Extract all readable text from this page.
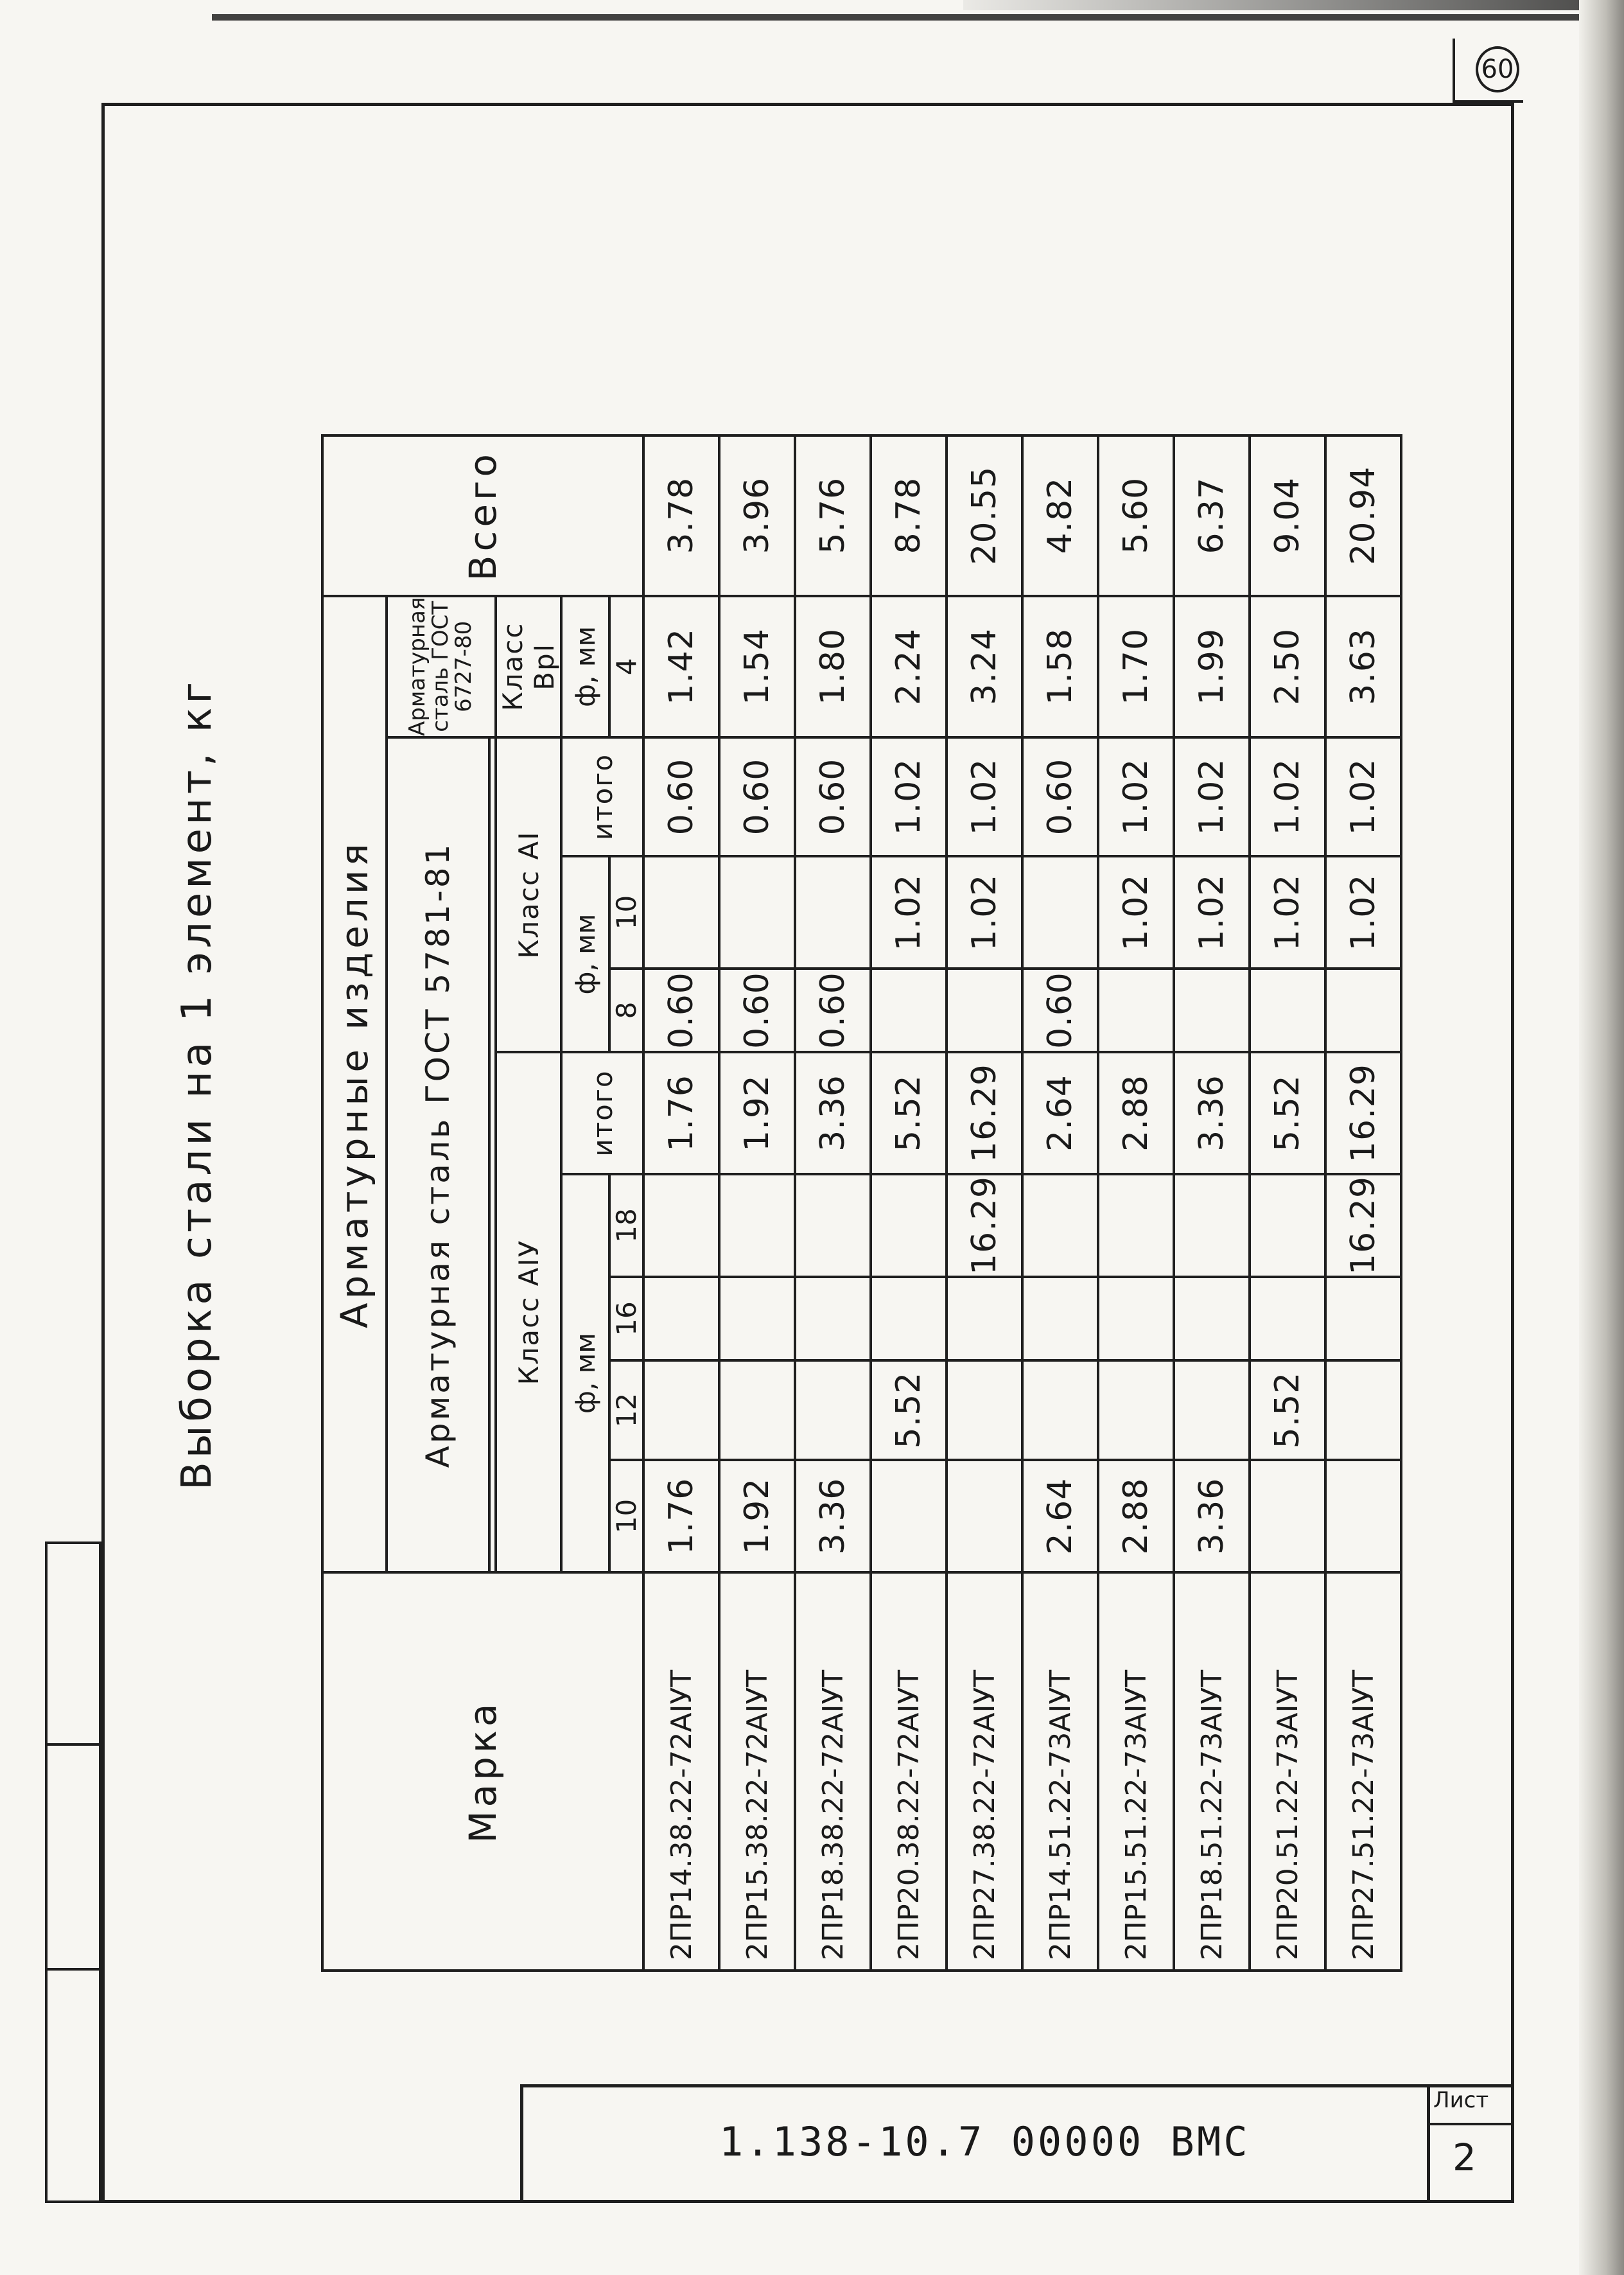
60
1.138-10.7 00000 ВМС
Лист
2
Выборка стали на 1 элемент, кг
Марка	Арматурные изделия									Всего
	Арматурная сталь ГОСТ 5781-81								Арматурная сталь ГОСТ 6727-80	

	Класс AIУ					Класс AI			Класс ВрI	
	ф, мм				итого	ф, мм		итого	ф, мм	
	10	12	16	18		8	10		4	
2ПР14.38.22-72АIУТ	1.76				1.76	0.60		0.60	1.42	3.78
2ПР15.38.22-72АIУТ	1.92				1.92	0.60		0.60	1.54	3.96
2ПР18.38.22-72АIУТ	3.36				3.36	0.60		0.60	1.80	5.76
2ПР20.38.22-72АIУТ		5.52			5.52		1.02	1.02	2.24	8.78
2ПР27.38.22-72АIУТ				16.29	16.29		1.02	1.02	3.24	20.55
2ПР14.51.22-73АIУТ	2.64				2.64	0.60		0.60	1.58	4.82
2ПР15.51.22-73АIУТ	2.88				2.88		1.02	1.02	1.70	5.60
2ПР18.51.22-73АIУТ	3.36				3.36		1.02	1.02	1.99	6.37
2ПР20.51.22-73АIУТ		5.52			5.52		1.02	1.02	2.50	9.04
2ПР27.51.22-73АIУТ				16.29	16.29		1.02	1.02	3.63	20.94
